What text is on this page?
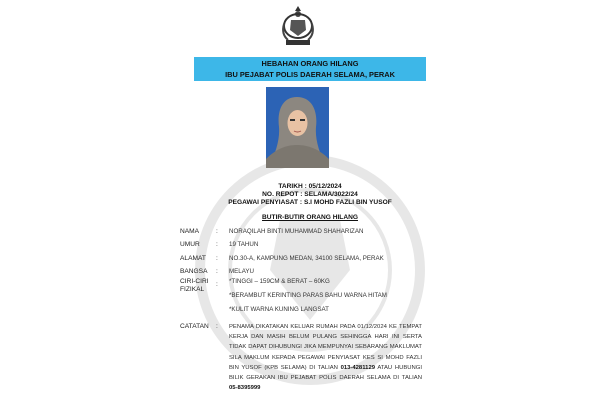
HEBAHAN ORANG HILANG
IBU PEJABAT POLIS DAERAH SELAMA, PERAK
TARIKH : 05/12/2024
NO. REPOT : SELAMA/3022/24
PEGAWAI PENYIASAT : S.I MOHD FAZLI BIN YUSOF
BUTIR-BUTIR ORANG HILANG
NAMA	: NORAQILAH BINTI MUHAMMAD SHAHARIZAN
UMUR : 19 TAHUN
ALAMAT : NO.30-A, KAMPUNG MEDAN, 34100 SELAMA, PERAK
BANGSA : MELAYU
CIRI-CIRI
FIZIKAL
: *TINGGI – 159CM & BERAT – 60KG
*BERAMBUT KERINTING PARAS BAHU WARNA HITAM
*KULIT WARNA KUNING LANGSAT
CATATAN : PENAMA DIKATAKAN KELUAR RUMAH PADA 01/12/2024 KE TEMPAT KERJA DAN MASIH BELUM PULANG SEHINGGA HARI INI SERTA TIDAK DAPAT DIHUBUNGI JIKA MEMPUNYAI SEBARANG MAKLUMAT SILA MAKLUM KEPADA PEGAWAI PENYIASAT KES SI MOHD FAZLI BIN YUSOF (KPB SELAMA) DI TALIAN 013-4281129 ATAU HUBUNGI BILIK GERAKAN IBU PEJABAT POLIS DAERAH SELAMA DI TALIAN 05-8395999
